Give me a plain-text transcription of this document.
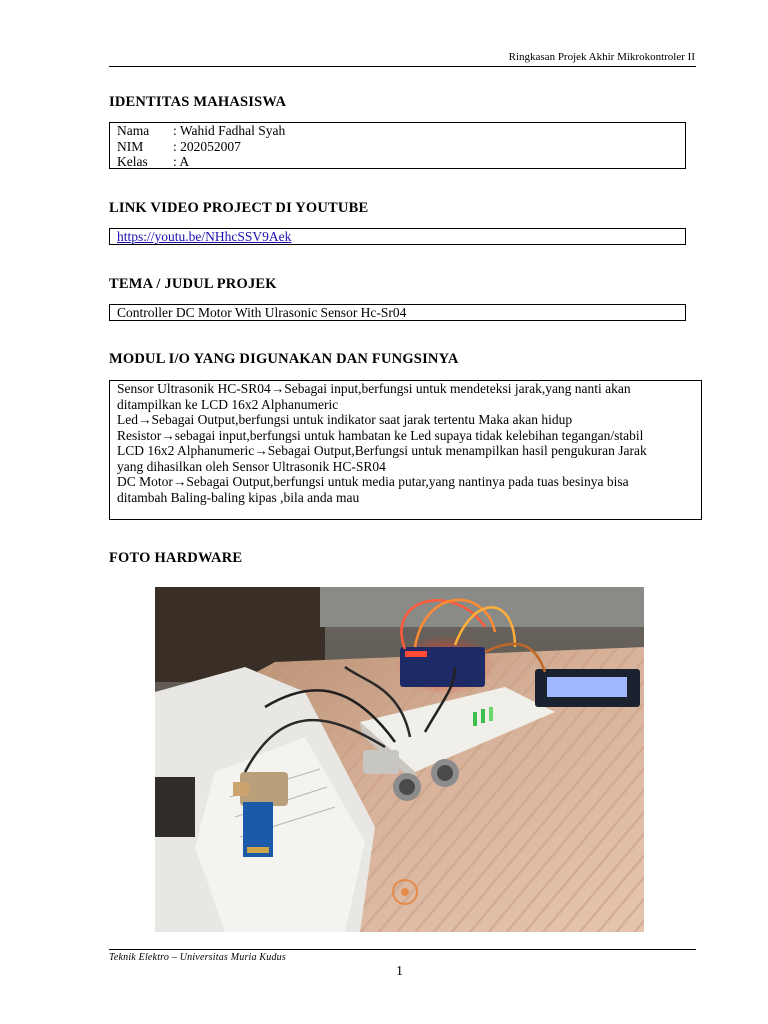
Ringkasan Projek Akhir Mikrokontroler II
IDENTITAS MAHASISWA
Nama	: Wahid Fadhal Syah
NIM	: 202052007
Kelas	: A
LINK VIDEO PROJECT DI YOUTUBE
https://youtu.be/NHhcSSV9Aek
TEMA / JUDUL PROJEK
Controller DC Motor With Ulrasonic Sensor Hc-Sr04
MODUL I/O YANG DIGUNAKAN DAN FUNGSINYA
Sensor Ultrasonik HC-SR04→Sebagai input,berfungsi untuk mendeteksi jarak,yang nanti akan
ditampilkan ke LCD 16x2 Alphanumeric
Led→Sebagai Output,berfungsi untuk indikator saat jarak tertentu Maka akan hidup
Resistor→sebagai input,berfungsi untuk hambatan ke Led supaya tidak kelebihan tegangan/stabil
LCD 16x2 Alphanumeric→Sebagai Output,Berfungsi untuk menampilkan hasil pengukuran Jarak
yang dihasilkan oleh Sensor Ultrasonik HC-SR04
DC Motor→Sebagai Output,berfungsi untuk media putar,yang nantinya pada tuas besinya bisa
ditambah Baling-baling kipas ,bila anda mau
FOTO HARDWARE
Teknik Elektro – Universitas Muria Kudus
1
